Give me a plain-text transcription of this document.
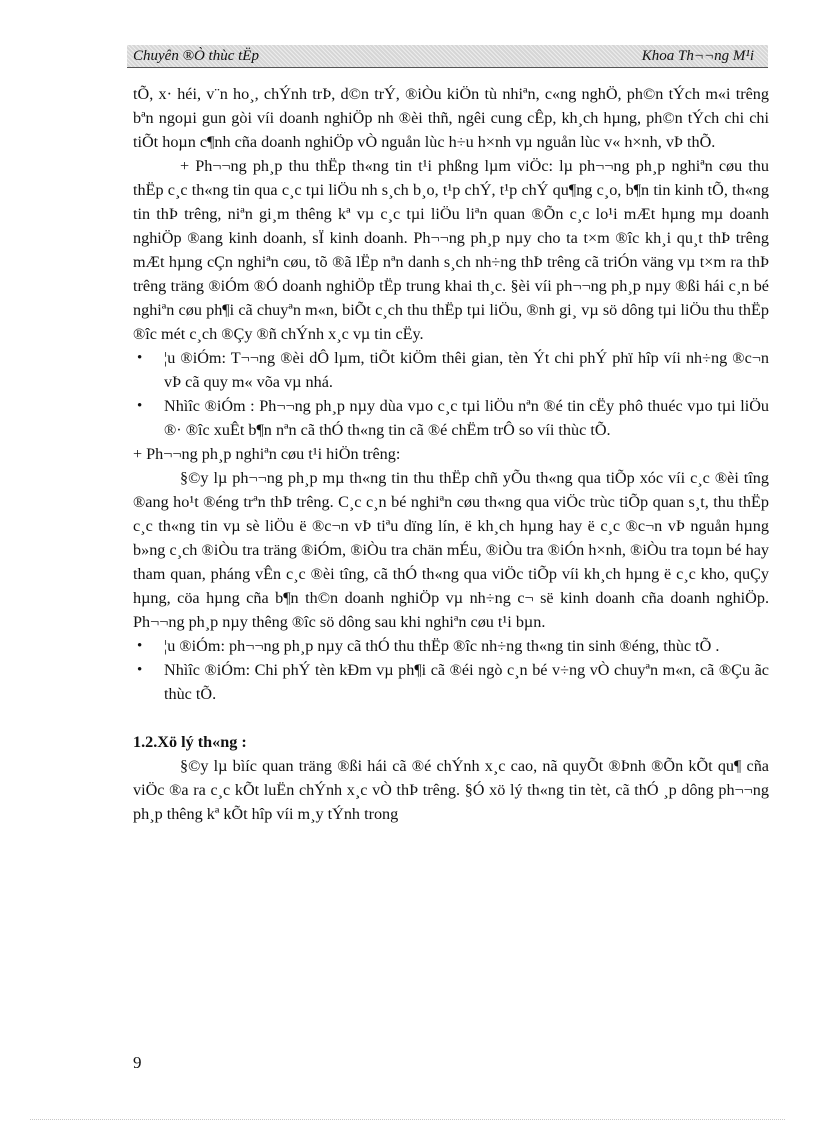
Chuyên ®Ò thùc tËp	Khoa Th¬¬ng M¹i

tÕ, x· héi, v¨n ho¸, chÝnh trÞ, d©n trÝ, ®iÒu kiÖn tù nhiªn, c«ng nghÖ, ph©n tÝch m«i trêng bªn ngoµi gun gòi víi doanh nghiÖp nh ®èi thñ, ngêi cung cÊp, kh¸ch hµng, ph©n tÝch chi chi tiÕt hoµn c¶nh cña doanh nghiÖp vÒ nguån lùc h÷u h×nh vµ nguån lùc v« h×nh, vÞ thÕ.

+ Ph¬¬ng ph¸p thu thËp th«ng tin t¹i phßng lµm viÖc: lµ ph¬¬ng ph¸p nghiªn cøu thu thËp c¸c th«ng tin qua c¸c tµi liÖu nh s¸ch b¸o, t¹p chÝ, t¹p chÝ qu¶ng c¸o, b¶n tin kinh tÕ, th«ng tin thÞ trêng, niªn gi¸m thêng kª vµ c¸c tµi liÖu liªn quan ®Õn c¸c lo¹i mÆt hµng mµ doanh nghiÖp ®ang kinh doanh, sÏ kinh doanh. Ph¬¬ng ph¸p nµy cho ta t×m ®îc kh¸i qu¸t thÞ trêng mÆt hµng cÇn nghiªn cøu, tõ ®ã lËp nªn danh s¸ch nh÷ng thÞ trêng cã triÓn väng vµ t×m ra thÞ trêng träng ®iÓm ®Ó doanh nghiÖp tËp trung khai th¸c. §èi víi ph¬¬ng ph¸p nµy ®ßi hái c¸n bé nghiªn cøu ph¶i cã chuyªn m«n, biÕt c¸ch thu thËp tµi liÖu, ®nh gi¸ vµ sö dông tµi liÖu thu thËp ®îc mét c¸ch ®Çy ®ñ chÝnh x¸c vµ tin cËy.

• ¦u ®iÓm: T¬¬ng ®èi dÔ lµm, tiÕt kiÖm thêi gian, tèn Ýt chi phÝ phï hîp víi nh÷ng ®c¬n vÞ cã quy m« võa vµ nhá.

• Nhìîc ®iÓm : Ph¬¬ng ph¸p nµy dùa vµo c¸c tµi liÖu nªn ®é tin cËy phô thuéc vµo tµi liÖu ®· ®îc xuÊt b¶n nªn cã thÓ th«ng tin cã ®é chËm trÔ so víi thùc tÕ.

+ Ph¬¬ng ph¸p nghiªn cøu t¹i hiÖn trêng:

§©y lµ ph¬¬ng ph¸p mµ th«ng tin thu thËp chñ yÕu th«ng qua tiÕp xóc víi c¸c ®èi tîng ®ang ho¹t ®éng trªn thÞ trêng. C¸c c¸n bé nghiªn cøu th«ng qua viÖc trùc tiÕp quan s¸t, thu thËp c¸c th«ng tin vµ sè liÖu ë ®c¬n vÞ tiªu dïng lín, ë kh¸ch hµng hay ë c¸c ®c¬n vÞ nguån hµng b»ng c¸ch ®iÒu tra träng ®iÓm, ®iÒu tra chän mÉu, ®iÒu tra ®iÓn h×nh, ®iÒu tra toµn bé hay tham quan, pháng vÊn c¸c ®èi tîng, cã thÓ th«ng qua viÖc tiÕp víi kh¸ch hµng ë c¸c kho, quÇy hµng, cöa hµng cña b¶n th©n doanh nghiÖp vµ nh÷ng c¬ së kinh doanh cña doanh nghiÖp. Ph¬¬ng ph¸p nµy thêng ®îc sö dông sau khi nghiªn cøu t¹i bµn.

• ¦u ®iÓm: ph¬¬ng ph¸p nµy cã thÓ thu thËp ®îc nh÷ng th«ng tin sinh ®éng, thùc tÕ .

• Nhìîc ®iÓm: Chi phÝ tèn kÐm vµ ph¶i cã ®éi ngò c¸n bé v÷ng vÒ chuyªn m«n, cã ®Çu ãc thùc tÕ.

1.2.Xö lý th«ng :

§©y lµ bìíc quan träng ®ßi hái cã ®é chÝnh x¸c cao, nã quyÕt ®Þnh ®Õn kÕt qu¶ cña viÖc ®a ra c¸c kÕt luËn chÝnh x¸c vÒ thÞ trêng. §Ó xö lý th«ng tin tèt, cã thÓ ¸p dông ph¬¬ng ph¸p thêng kª kÕt hîp víi m¸y tÝnh trong

9
